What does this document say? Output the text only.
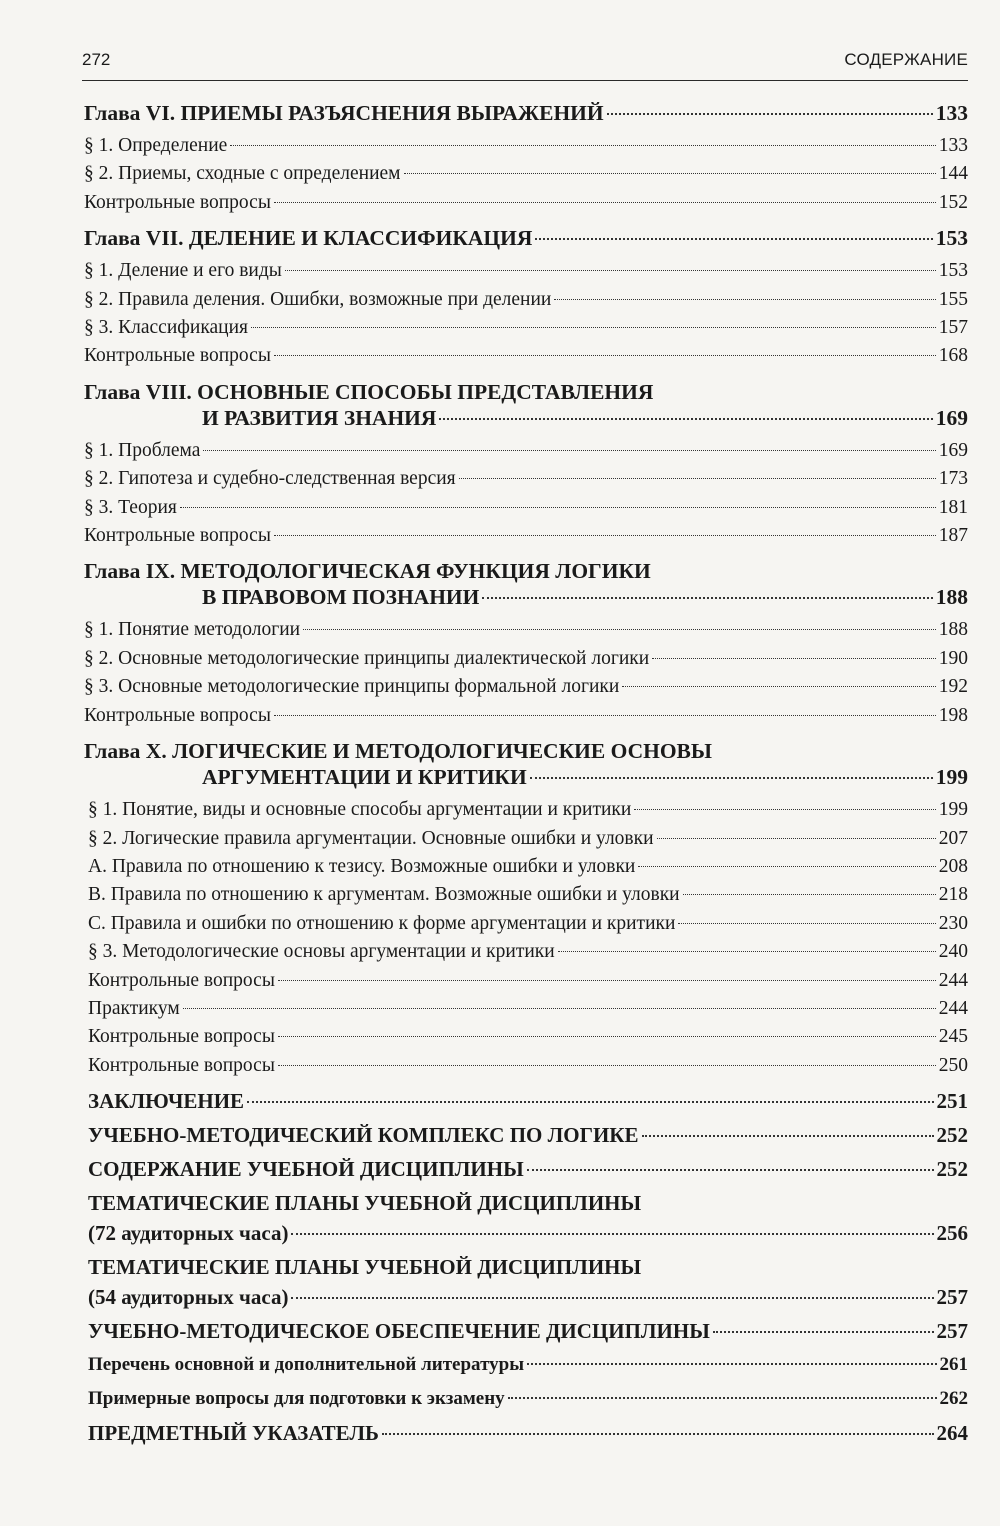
272	СОДЕРЖАНИЕ
Глава VI. ПРИЕМЫ РАЗЪЯСНЕНИЯ ВЫРАЖЕНИЙ	133
§ 1. Определение	133
§ 2. Приемы, сходные с определением	144
Контрольные вопросы	152
Глава VII. ДЕЛЕНИЕ И КЛАССИФИКАЦИЯ	153
§ 1. Деление и его виды	153
§ 2. Правила деления. Ошибки, возможные при делении	155
§ 3. Классификация	157
Контрольные вопросы	168
Глава VIII. ОСНОВНЫЕ СПОСОБЫ ПРЕДСТАВЛЕНИЯ
И РАЗВИТИЯ ЗНАНИЯ	169
§ 1. Проблема	169
§ 2. Гипотеза и судебно-следственная версия	173
§ 3. Теория	181
Контрольные вопросы	187
Глава IX. МЕТОДОЛОГИЧЕСКАЯ ФУНКЦИЯ ЛОГИКИ
В ПРАВОВОМ ПОЗНАНИИ	188
§ 1. Понятие методологии	188
§ 2. Основные методологические принципы диалектической логики	190
§ 3. Основные методологические принципы формальной логики	192
Контрольные вопросы	198
Глава X. ЛОГИЧЕСКИЕ И МЕТОДОЛОГИЧЕСКИЕ ОСНОВЫ
АРГУМЕНТАЦИИ И КРИТИКИ	199
§ 1. Понятие, виды и основные способы аргументации и критики	199
§ 2. Логические правила аргументации. Основные ошибки и уловки	207
А. Правила по отношению к тезису. Возможные ошибки и уловки	208
В. Правила по отношению к аргументам. Возможные ошибки и уловки	218
С. Правила и ошибки по отношению к форме аргументации и критики	230
§ 3. Методологические основы аргументации и критики	240
Контрольные вопросы	244
Практикум	244
Контрольные вопросы	245
Контрольные вопросы	250
ЗАКЛЮЧЕНИЕ	251
УЧЕБНО-МЕТОДИЧЕСКИЙ КОМПЛЕКС ПО ЛОГИКЕ	252
СОДЕРЖАНИЕ УЧЕБНОЙ ДИСЦИПЛИНЫ	252
ТЕМАТИЧЕСКИЕ ПЛАНЫ УЧЕБНОЙ ДИСЦИПЛИНЫ
(72 аудиторных часа)	256
ТЕМАТИЧЕСКИЕ ПЛАНЫ УЧЕБНОЙ ДИСЦИПЛИНЫ
(54 аудиторных часа)	257
УЧЕБНО-МЕТОДИЧЕСКОЕ ОБЕСПЕЧЕНИЕ ДИСЦИПЛИНЫ	257
Перечень основной и дополнительной литературы	261
Примерные вопросы для подготовки к экзамену	262
ПРЕДМЕТНЫЙ УКАЗАТЕЛЬ	264
